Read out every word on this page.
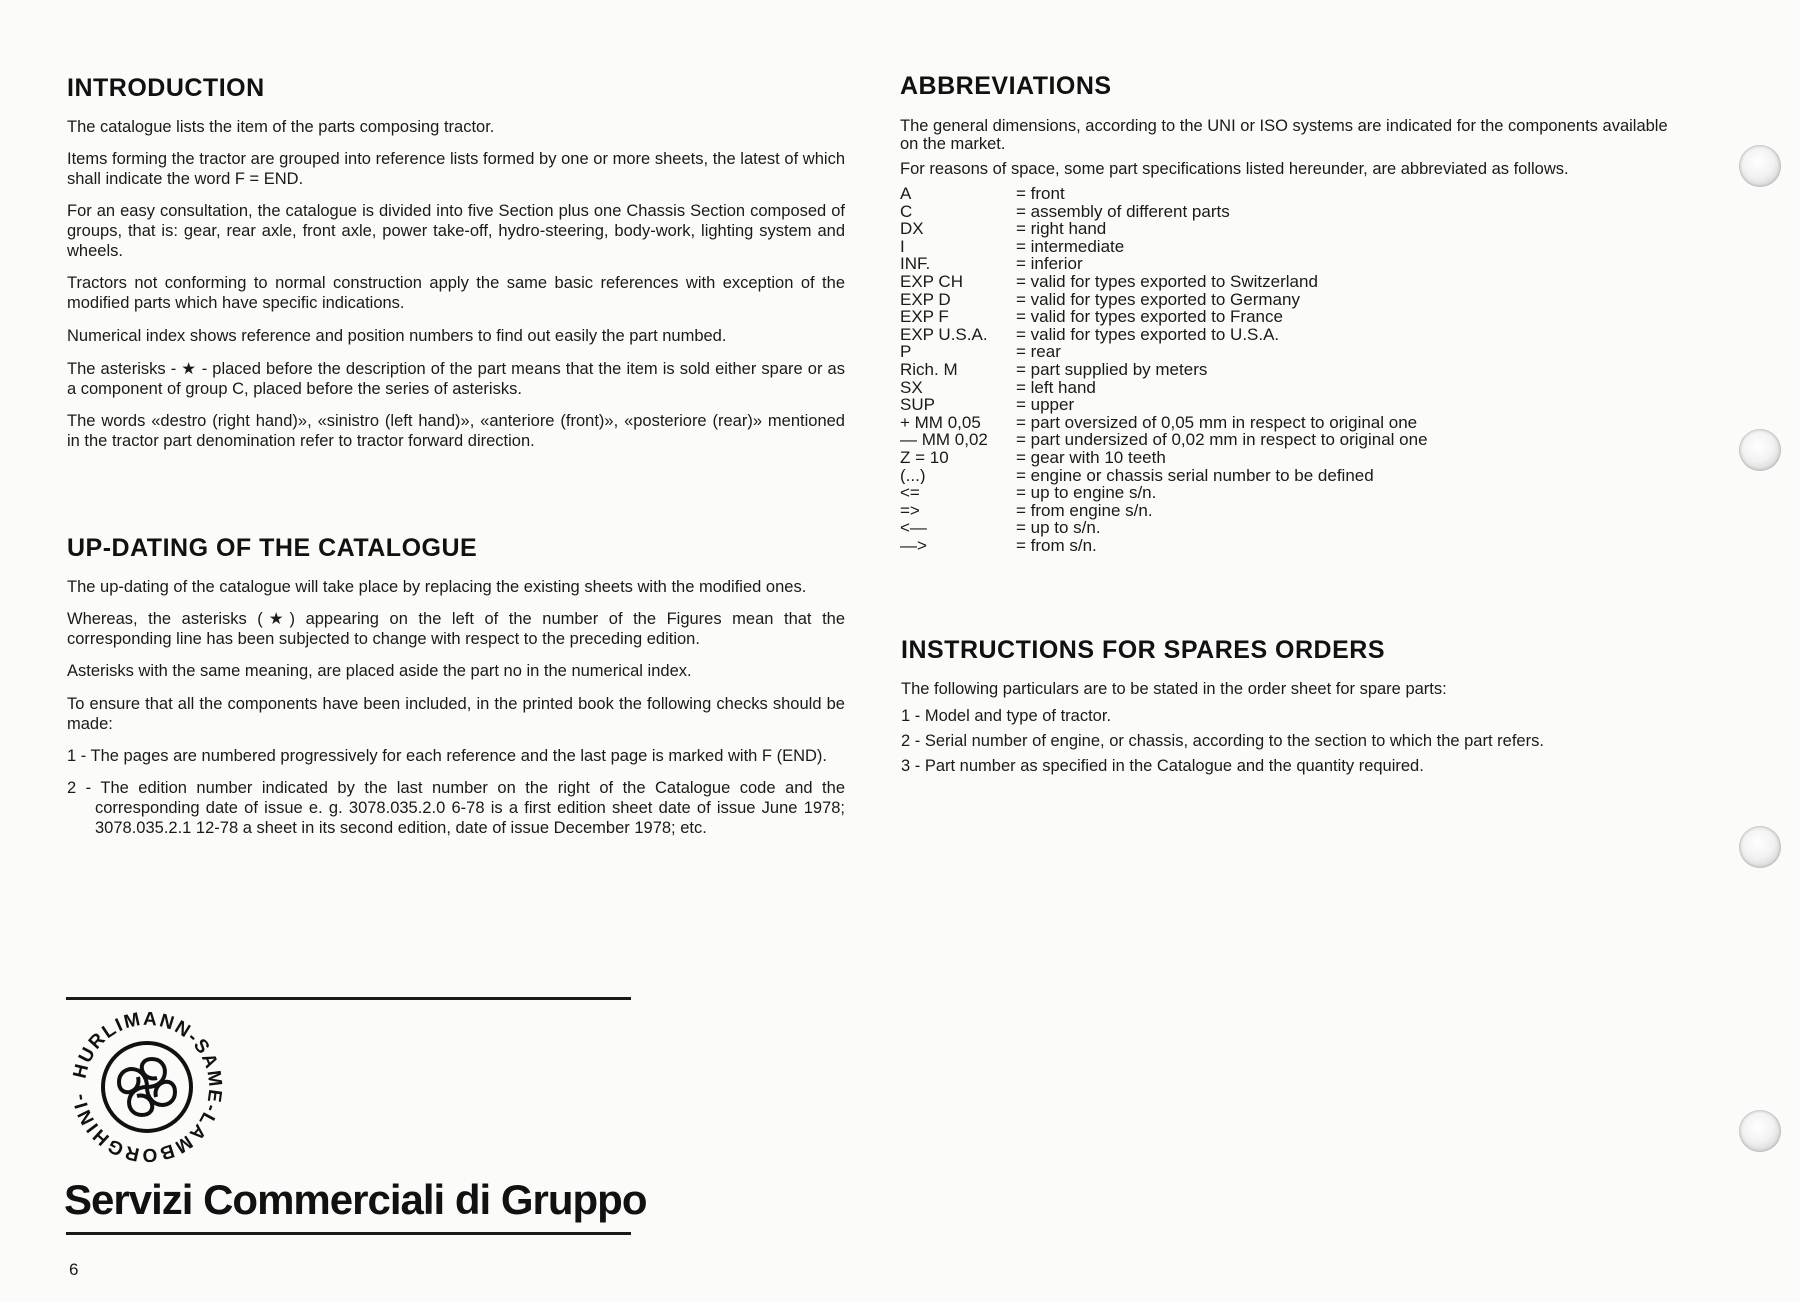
INTRODUCTION

The catalogue lists the item of the parts composing tractor.

Items forming the tractor are grouped into reference lists formed by one or more sheets, the latest of which shall indicate the word F = END.

For an easy consultation, the catalogue is divided into five Section plus one Chassis Section composed of groups, that is: gear, rear axle, front axle, power take-off, hydro-steering, body-work, lighting system and wheels.

Tractors not conforming to normal construction apply the same basic references with exception of the modified parts which have specific indications.

Numerical index shows reference and position numbers to find out easily the part numbed.

The asterisks - ★ - placed before the description of the part means that the item is sold either spare or as a component of group C, placed before the series of asterisks.

The words «destro (right hand)», «sinistro (left hand)», «anteriore (front)», «posteriore (rear)» mentioned in the tractor part denomination refer to tractor forward direction.

UP-DATING OF THE CATALOGUE

The up-dating of the catalogue will take place by replacing the existing sheets with the modified ones.

Whereas, the asterisks (★) appearing on the left of the number of the Figures mean that the corresponding line has been subjected to change with respect to the preceding edition.

Asterisks with the same meaning, are placed aside the part no in the numerical index.

To ensure that all the components have been included, in the printed book the following checks should be made:

1 - The pages are numbered progressively for each reference and the last page is marked with F (END).

2 - The edition number indicated by the last number on the right of the Catalogue code and the corresponding date of issue e. g. 3078.035.2.0 6-78 is a first edition sheet date of issue June 1978; 3078.035.2.1 12-78 a sheet in its second edition, date of issue December 1978; etc.

ABBREVIATIONS

The general dimensions, according to the UNI or ISO systems are indicated for the components available on the market.

For reasons of space, some part specifications listed hereunder, are abbreviated as follows.

A	= front
C	= assembly of different parts
DX	= right hand
I	= intermediate
INF.	= inferior
EXP CH	= valid for types exported to Switzerland
EXP D	= valid for types exported to Germany
EXP F	= valid for types exported to France
EXP U.S.A.	= valid for types exported to U.S.A.
P	= rear
Rich. M	= part supplied by meters
SX	= left hand
SUP	= upper
+ MM 0,05	= part oversized of 0,05 mm in respect to original one
— MM 0,02	= part undersized of 0,02 mm in respect to original one
Z = 10	= gear with 10 teeth
(...)	= engine or chassis serial number to be defined
<=	= up to engine s/n.
=>	= from engine s/n.
<—	= up to s/n.
—>	= from s/n.
INSTRUCTIONS FOR SPARES ORDERS

The following particulars are to be stated in the order sheet for spare parts:

1 - Model and type of tractor.

2 - Serial number of engine, or chassis, according to the section to which the part refers.

3 - Part number as specified in the Catalogue and the quantity required.

HURLIMANN-SAME-LAMBORGHINI-
Servizi Commerciali di Gruppo
6
